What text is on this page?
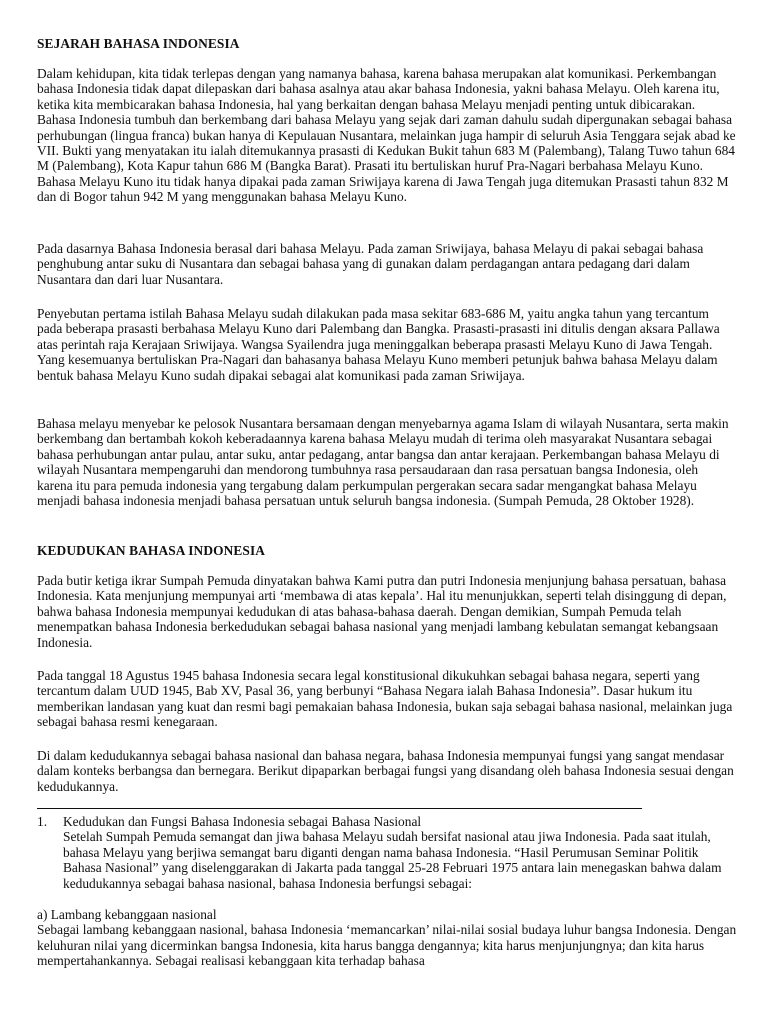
SEJARAH BAHASA INDONESIA

Dalam kehidupan, kita tidak terlepas dengan yang namanya bahasa, karena bahasa merupakan alat komunikasi. Perkembangan bahasa Indonesia tidak dapat dilepaskan dari bahasa asalnya atau akar bahasa Indonesia, yakni bahasa Melayu. Oleh karena itu, ketika kita membicarakan bahasa Indonesia, hal yang berkaitan dengan bahasa Melayu menjadi penting untuk dibicarakan. Bahasa Indonesia tumbuh dan berkembang dari bahasa Melayu yang sejak dari zaman dahulu sudah dipergunakan sebagai bahasa perhubungan (lingua franca) bukan hanya di Kepulauan Nusantara, melainkan juga hampir di seluruh Asia Tenggara sejak abad ke VII. Bukti yang menyatakan itu ialah ditemukannya prasasti di Kedukan Bukit tahun 683 M (Palembang), Talang Tuwo tahun 684 M (Palembang), Kota Kapur tahun 686 M (Bangka Barat). Prasati itu bertuliskan huruf Pra-Nagari berbahasa Melayu Kuno. Bahasa Melayu Kuno itu tidak hanya dipakai pada zaman Sriwijaya karena di Jawa Tengah juga ditemukan Prasasti tahun 832 M dan di Bogor tahun 942 M yang menggunakan bahasa Melayu Kuno.

Pada dasarnya Bahasa Indonesia berasal dari bahasa Melayu. Pada zaman Sriwijaya, bahasa Melayu di pakai sebagai bahasa penghubung antar suku di Nusantara dan sebagai bahasa yang di gunakan dalam perdagangan antara pedagang dari dalam Nusantara dan dari luar Nusantara.

Penyebutan pertama istilah Bahasa Melayu sudah dilakukan pada masa sekitar 683-686 M, yaitu angka tahun yang tercantum pada beberapa prasasti berbahasa Melayu Kuno dari Palembang dan Bangka. Prasasti-prasasti ini ditulis dengan aksara Pallawa atas perintah raja Kerajaan Sriwijaya. Wangsa Syailendra juga meninggalkan beberapa prasasti Melayu Kuno di Jawa Tengah. Yang kesemuanya bertuliskan Pra-Nagari dan bahasanya bahasa Melayu Kuno memberi petunjuk bahwa bahasa Melayu dalam bentuk bahasa Melayu Kuno sudah dipakai sebagai alat komunikasi pada zaman Sriwijaya.

Bahasa melayu menyebar ke pelosok Nusantara bersamaan dengan menyebarnya agama Islam di wilayah Nusantara, serta makin berkembang dan bertambah kokoh keberadaannya karena bahasa Melayu mudah di terima oleh masyarakat Nusantara sebagai bahasa perhubungan antar pulau, antar suku, antar pedagang, antar bangsa dan antar kerajaan. Perkembangan bahasa Melayu di wilayah Nusantara mempengaruhi dan mendorong tumbuhnya rasa persaudaraan dan rasa persatuan bangsa Indonesia, oleh karena itu para pemuda indonesia yang tergabung dalam perkumpulan pergerakan secara sadar mengangkat bahasa Melayu menjadi bahasa indonesia menjadi bahasa persatuan untuk seluruh bangsa indonesia. (Sumpah Pemuda, 28 Oktober 1928).

KEDUDUKAN BAHASA INDONESIA

Pada butir ketiga ikrar Sumpah Pemuda dinyatakan bahwa Kami putra dan putri Indonesia menjunjung bahasa persatuan, bahasa Indonesia. Kata menjunjung mempunyai arti ‘membawa di atas kepala’. Hal itu menunjukkan, seperti telah disinggung di depan, bahwa bahasa Indonesia mempunyai kedudukan di atas bahasa-bahasa daerah. Dengan demikian, Sumpah Pemuda telah menempatkan bahasa Indonesia berkedudukan sebagai bahasa nasional yang menjadi lambang kebulatan semangat kebangsaan Indonesia.

Pada tanggal 18 Agustus 1945 bahasa Indonesia secara legal konstitusional dikukuhkan sebagai bahasa negara, seperti yang tercantum dalam UUD 1945, Bab XV, Pasal 36, yang berbunyi “Bahasa Negara ialah Bahasa Indonesia”. Dasar hukum itu memberikan landasan yang kuat dan resmi bagi pemakaian bahasa Indonesia, bukan saja sebagai bahasa nasional, melainkan juga sebagai bahasa resmi kenegaraan.

Di dalam kedudukannya sebagai bahasa nasional dan bahasa negara, bahasa Indonesia mempunyai fungsi yang sangat mendasar dalam konteks berbangsa dan bernegara. Berikut dipaparkan berbagai fungsi yang disandang oleh bahasa Indonesia sesuai dengan kedudukannya.

1.	Kedudukan dan Fungsi Bahasa Indonesia sebagai Bahasa Nasional
Setelah Sumpah Pemuda semangat dan jiwa bahasa Melayu sudah bersifat nasional atau jiwa Indonesia. Pada saat itulah, bahasa Melayu yang berjiwa semangat baru diganti dengan nama bahasa Indonesia. “Hasil Perumusan Seminar Politik Bahasa Nasional” yang diselenggarakan di Jakarta pada tanggal 25-28 Februari 1975 antara lain menegaskan bahwa dalam kedudukannya sebagai bahasa nasional, bahasa Indonesia berfungsi sebagai:
a) Lambang kebanggaan nasional
Sebagai lambang kebanggaan nasional, bahasa Indonesia ‘memancarkan’ nilai-nilai sosial budaya luhur bangsa Indonesia. Dengan keluhuran nilai yang dicerminkan bangsa Indonesia, kita harus bangga dengannya; kita harus menjunjungnya; dan kita harus mempertahankannya. Sebagai realisasi kebanggaan kita terhadap bahasa
